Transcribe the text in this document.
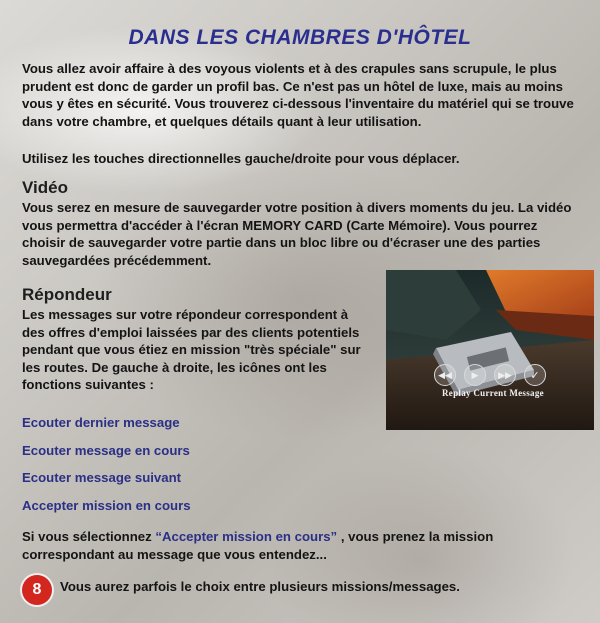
DANS LES CHAMBRES D'HÔTEL

Vous allez avoir affaire à des voyous violents et à des crapules sans scrupule, le plus prudent est donc de garder un profil bas. Ce n'est pas un hôtel de luxe, mais au moins vous y êtes en sécurité. Vous trouverez ci-dessous l'inventaire du matériel qui se trouve dans votre chambre, et quelques détails quant à leur utilisation.

Utilisez les touches directionnelles gauche/droite pour vous déplacer.

Vidéo

Vous serez en mesure de sauvegarder votre position à divers moments du jeu. La vidéo vous permettra d'accéder à l'écran MEMORY CARD (Carte Mémoire). Vous pourrez choisir de sauvegarder votre partie dans un bloc libre ou d'écraser une des parties sauvegardées précédemment.

Répondeur

Les messages sur votre répondeur correspondent à des offres d'emploi laissées par des clients potentiels pendant que vous étiez en mission "très spéciale" sur les routes. De gauche à droite, les icônes ont les fonctions suivantes :

◀◀	▶	▶▶	✓
Replay Current Message

Ecouter dernier message

Ecouter message en cours

Ecouter message suivant

Accepter mission en cours

Si vous sélectionnez “Accepter mission en cours” , vous prenez la mission correspondant au message que vous entendez...

8	Vous aurez parfois le choix entre plusieurs missions/messages.
